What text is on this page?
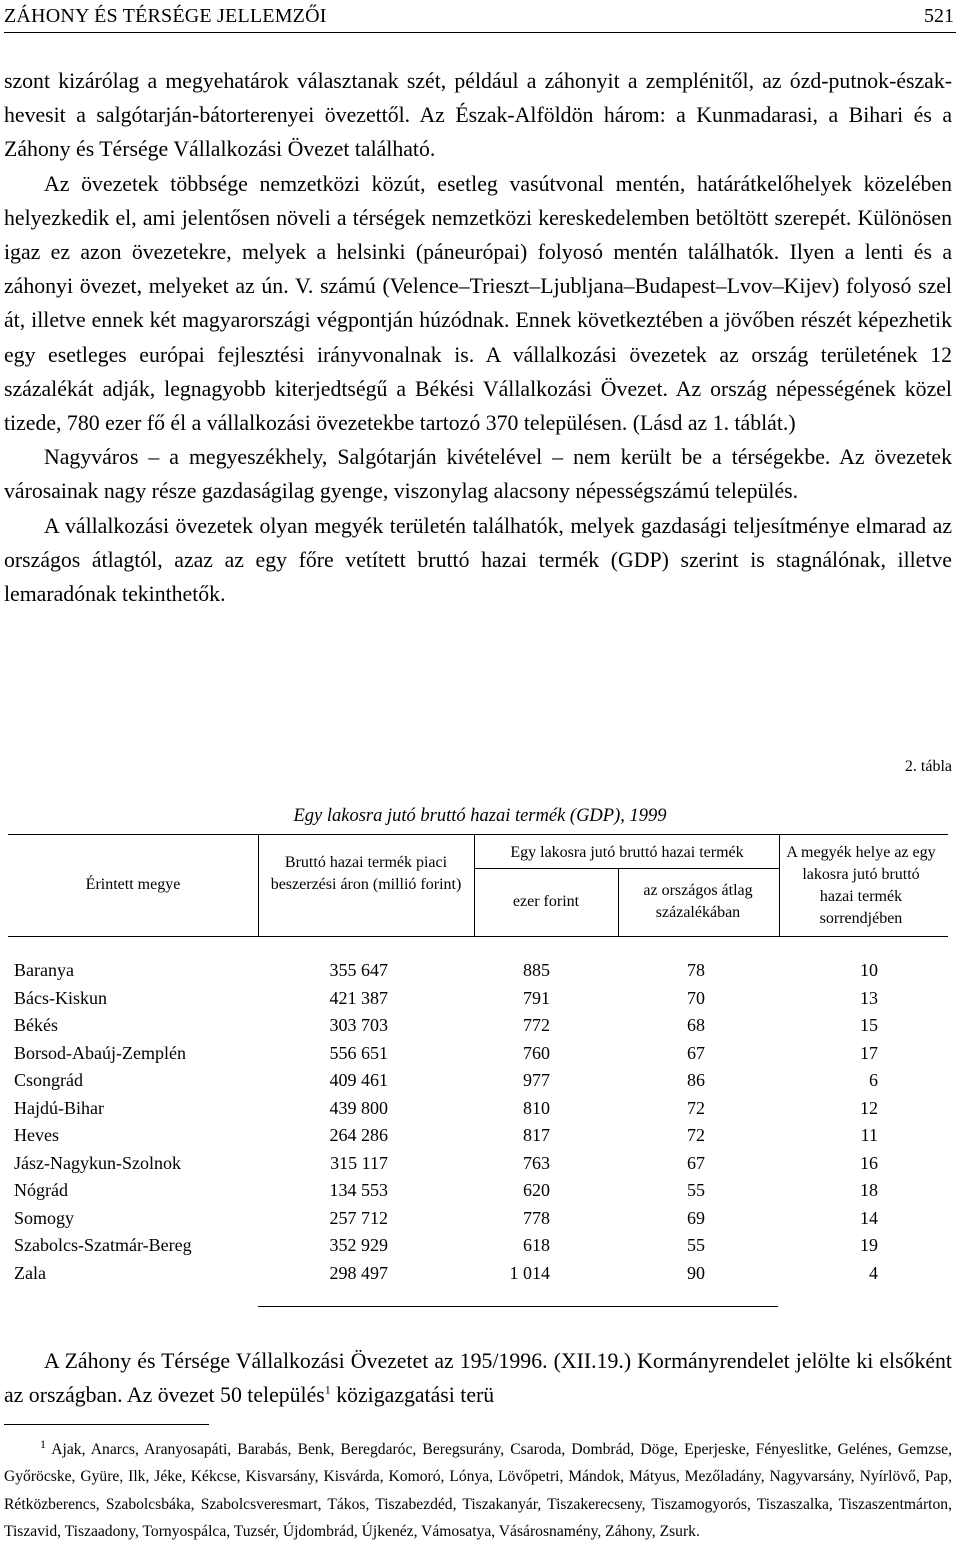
ZÁHONY ÉS TÉRSÉGE JELLEMZŐI	521

szont kizárólag a megyehatárok választanak szét, például a záhonyit a zemplénitől, az ózd-putnok-észak-hevesit a salgótarján-bátorterenyei övezettől. Az Észak-Alföldön három: a Kunmadarasi, a Bihari és a Záhony és Térsége Vállalkozási Övezet található.

Az övezetek többsége nemzetközi közút, esetleg vasútvonal mentén, határátkelőhelyek közelében helyezkedik el, ami jelentősen növeli a térségek nemzetközi kereskedelemben betöltött szerepét. Különösen igaz ez azon övezetekre, melyek a helsinki (páneurópai) folyosó mentén találhatók. Ilyen a lenti és a záhonyi övezet, melyeket az ún. V. számú (Velence–Trieszt–Ljubljana–Budapest–Lvov–Kijev) folyosó szel át, illetve ennek két magyarországi végpontján húzódnak. Ennek következtében a jövőben részét képezhetik egy esetleges európai fejlesztési irányvonalnak is. A vállalkozási övezetek az ország területének 12 százalékát adják, legnagyobb kiterjedtségű a Békési Vállalkozási Övezet. Az ország népességének közel tizede, 780 ezer fő él a vállalkozási övezetekbe tartozó 370 településen. (Lásd az 1. táblát.)

Nagyváros – a megyeszékhely, Salgótarján kivételével – nem került be a térségekbe. Az övezetek városainak nagy része gazdaságilag gyenge, viszonylag alacsony népességszámú település.

A vállalkozási övezetek olyan megyék területén találhatók, melyek gazdasági teljesítménye elmarad az országos átlagtól, azaz az egy főre vetített bruttó hazai termék (GDP) szerint is stagnálónak, illetve lemaradónak tekinthetők.

2. tábla
Egy lakosra jutó bruttó hazai termék (GDP), 1999
Érintett megye
Bruttó hazai termék piaci beszerzési áron (millió forint)
Egy lakosra jutó bruttó hazai termék
ezer forint
az országos átlag százalékában
A megyék helye az egy lakosra jutó bruttó hazai termék sorrendjében
Baranya	355 647	885	78	10
Bács-Kiskun	421 387	791	70	13
Békés	303 703	772	68	15
Borsod-Abaúj-Zemplén	556 651	760	67	17
Csongrád	409 461	977	86	6
Hajdú-Bihar	439 800	810	72	12
Heves	264 286	817	72	11
Jász-Nagykun-Szolnok	315 117	763	67	16
Nógrád	134 553	620	55	18
Somogy	257 712	778	69	14
Szabolcs-Szatmár-Bereg	352 929	618	55	19
Zala	298 497	1 014	90	4

A Záhony és Térsége Vállalkozási Övezetet az 195/1996. (XII.19.) Kormányrendelet jelölte ki elsőként az országban. Az övezet 50 település$^1$ közigazgatási terü

$^1$ Ajak, Anarcs, Aranyosapáti, Barabás, Benk, Beregdaróc, Beregsurány, Csaroda, Dombrád, Döge, Eperjeske, Fényeslitke, Gelénes, Gemzse, Győröcske, Gyüre, Ilk, Jéke, Kékcse, Kisvarsány, Kisvárda, Komoró, Lónya, Lövőpetri, Mándok, Mátyus, Mezőladány, Nagyvarsány, Nyírlövő, Pap, Rétközberencs, Szabolcsbáka, Szabolcsveresmart, Tákos, Tiszabezdéd, Tiszakanyár, Tiszakerecseny, Tiszamogyorós, Tiszaszalka, Tiszaszentmárton, Tiszavid, Tiszaadony, Tornyospálca, Tuzsér, Újdombrád, Újkenéz, Vámosatya, Vásárosnamény, Záhony, Zsurk.
